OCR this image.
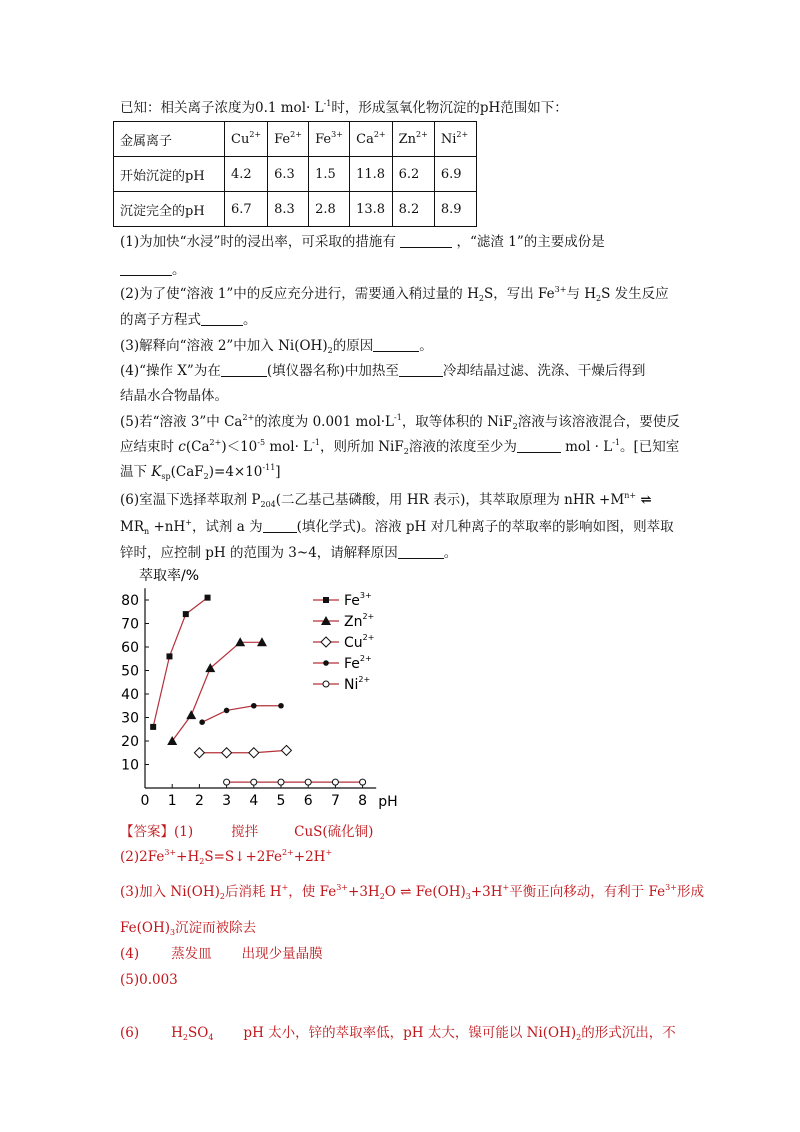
已知：相关离子浓度为0.1 $mol\cdot L^{-1}$时，形成氢氧化物沉淀的pH范围如下：
金属离子	$Cu^{2+}$	$Fe^{2+}$	$Fe^{3+}$	$Ca^{2+}$	$Zn^{2+}$	$Ni^{2+}$
开始沉淀的pH	4.2	6.3	1.5	11.8	6.2	6.9
沉淀完全的pH	6.7	8.3	2.8	13.8	8.2	8.9
(1)为加快“水浸”时的浸出率，可采取的措施有	，“滤渣 1”的主要成份是
。
(2)为了使“溶液 1”中的反应充分进行，需要通入稍过量的 $H_2S$，写出 $Fe^{3+}$与 $H_2S$ 发生反应
的离子方程式	。
(3)解释向“溶液 2”中加入 $Ni(OH)_2$的原因	。
(4)“操作 X”为在	(填仪器名称)中加热至	冷却结晶过滤、洗涤、干燥后得到
结晶水合物晶体。
(5)若“溶液 3”中 $Ca^{2+}$的浓度为 0.001 $mol\cdot L^{-1}$，取等体积的 NiF$_2$溶液与该溶液混合，要使反
应结束时 $c(Ca^{2+})<10^{-5}$ $mol\cdot L^{-1}$，则所加 NiF$_2$溶液的浓度至少为	mol · $L^{-1}$。[已知室
温下 $K_{sp}(CaF_2)=4\times 10^{-11}$]
(6)室温下选择萃取剂 $P_{204}$(二乙基己基磷酸，用 HR 表示)，其萃取原理为 nHR $+M^{n+}$ ⇌
$MR_n +nH^+$，试剂 a 为	(填化学式)。溶液 pH 对几种离子的萃取率的影响如图，则萃取
锌时，应控制 pH 的范围为 3~4，请解释原因	。
萃取率/%
pH
0 1 2 3 4 5 6 7 8
10
20
30
40
50
60
70
80	$Fe^{3+}$
$Zn^{2+}$
$Cu^{2+}$
$Fe^{2+}$
$Ni^{2+}$
【答案】(1)	搅拌	CuS(硫化铜)
$(2)2Fe^{3+}+H_2S=S↓+2Fe^{2+}+2H^+$
(3)加入 $Ni(OH)_2$后消耗 H+，使 $Fe^{3+}+3H_2O$ ⇌ $Fe(OH)_3+3H^+$平衡正向移动，有利于 $Fe^{3+}$形成
$Fe(OH)_3$沉淀而被除去
(4) 蒸发皿 出现少量晶膜
(5)0.003
(6) $H_2SO_4$ pH 太小，锌的萃取率低，pH 太大，镍可能以 $Ni(OH)_2$的形式沉出，不
